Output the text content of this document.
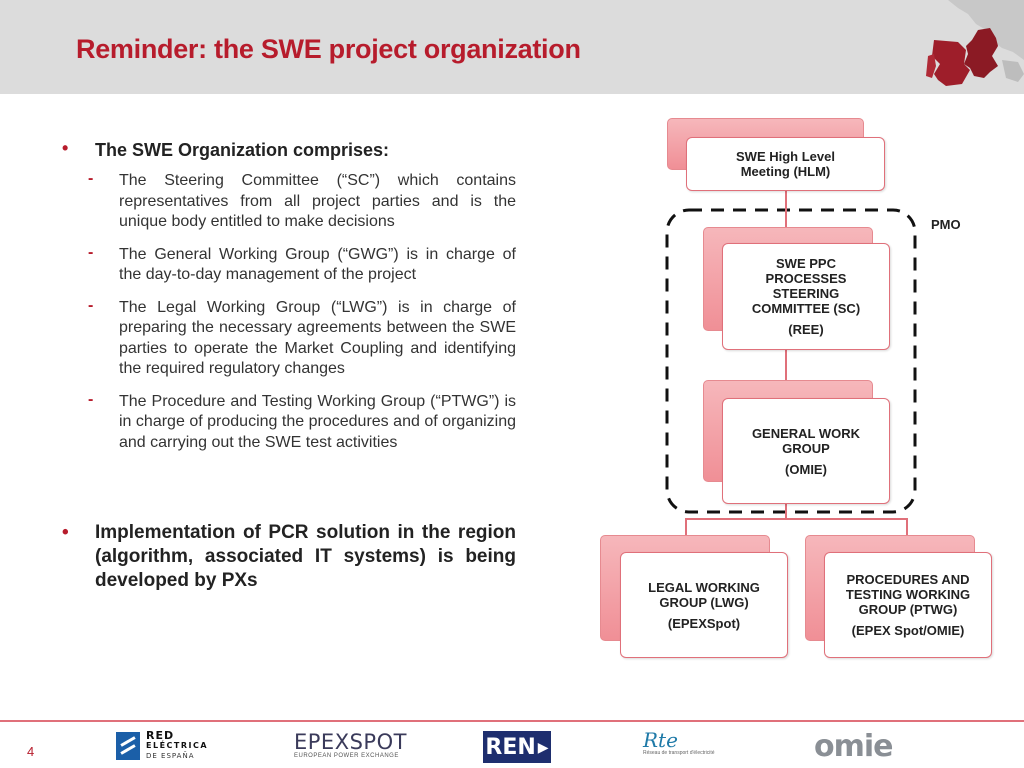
Reminder: the SWE project organization
• The SWE Organization comprises:
- The Steering Committee (“SC”) which contains representatives from all project parties and is the unique body entitled to make decisions
- The General Working Group (“GWG”) is in charge of the day-to-day management of the project
- The Legal Working Group (“LWG”) is in charge of preparing the necessary agreements between the SWE parties to operate the Market Coupling and identifying the required regulatory changes
- The Procedure and Testing Working Group (“PTWG”) is in charge of producing the procedures and of organizing and carrying out the SWE test activities
• Implementation of PCR solution in the region (algorithm, associated IT systems) is being developed by PXs
PMO
SWE High Level Meeting (HLM)
SWE PPC PROCESSES STEERING COMMITTEE (SC)
(REE)
GENERAL WORK GROUP
(OMIE)
LEGAL WORKING GROUP (LWG)
(EPEXSpot)
PROCEDURES AND TESTING WORKING GROUP (PTWG)
(EPEX Spot/OMIE)
4
RED
ELÉCTRICA
DE ESPAÑA
EPEXSPOT
EUROPEAN POWER EXCHANGE	REN ▶	Rte
Réseau de transport d'électricité	omie
